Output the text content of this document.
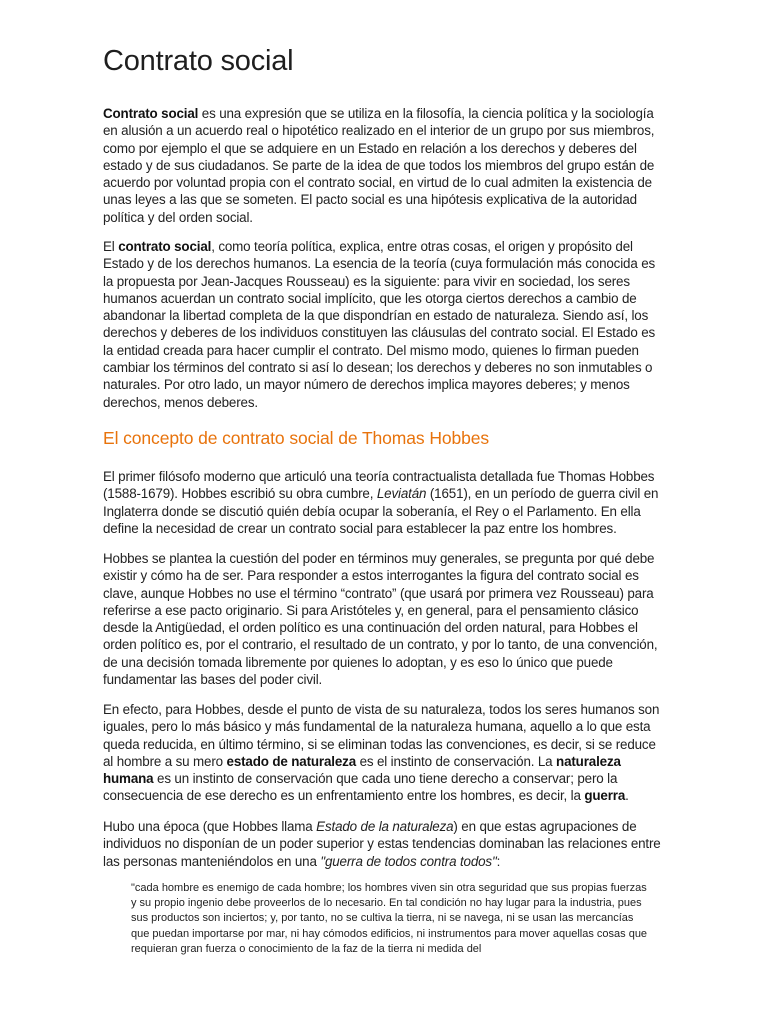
Contrato social

Contrato social es una expresión que se utiliza en la filosofía, la ciencia política y la sociología en alusión a un acuerdo real o hipotético realizado en el interior de un grupo por sus miembros, como por ejemplo el que se adquiere en un Estado en relación a los derechos y deberes del estado y de sus ciudadanos. Se parte de la idea de que todos los miembros del grupo están de acuerdo por voluntad propia con el contrato social, en virtud de lo cual admiten la existencia de unas leyes a las que se someten. El pacto social es una hipótesis explicativa de la autoridad política y del orden social.

El contrato social, como teoría política, explica, entre otras cosas, el origen y propósito del Estado y de los derechos humanos. La esencia de la teoría (cuya formulación más conocida es la propuesta por Jean-Jacques Rousseau) es la siguiente: para vivir en sociedad, los seres humanos acuerdan un contrato social implícito, que les otorga ciertos derechos a cambio de abandonar la libertad completa de la que dispondrían en estado de naturaleza. Siendo así, los derechos y deberes de los individuos constituyen las cláusulas del contrato social. El Estado es la entidad creada para hacer cumplir el contrato. Del mismo modo, quienes lo firman pueden cambiar los términos del contrato si así lo desean; los derechos y deberes no son inmutables o naturales. Por otro lado, un mayor número de derechos implica mayores deberes; y menos derechos, menos deberes.

El concepto de contrato social de Thomas Hobbes

El primer filósofo moderno que articuló una teoría contractualista detallada fue Thomas Hobbes (1588-1679). Hobbes escribió su obra cumbre, Leviatán (1651), en un período de guerra civil en Inglaterra donde se discutió quién debía ocupar la soberanía, el Rey o el Parlamento. En ella define la necesidad de crear un contrato social para establecer la paz entre los hombres.

Hobbes se plantea la cuestión del poder en términos muy generales, se pregunta por qué debe existir y cómo ha de ser. Para responder a estos interrogantes la figura del contrato social es clave, aunque Hobbes no use el término “contrato” (que usará por primera vez Rousseau) para referirse a ese pacto originario. Si para Aristóteles y, en general, para el pensamiento clásico desde la Antigüedad, el orden político es una continuación del orden natural, para Hobbes el orden político es, por el contrario, el resultado de un contrato, y por lo tanto, de una convención, de una decisión tomada libremente por quienes lo adoptan, y es eso lo único que puede fundamentar las bases del poder civil.

En efecto, para Hobbes, desde el punto de vista de su naturaleza, todos los seres humanos son iguales, pero lo más básico y más fundamental de la naturaleza humana, aquello a lo que esta queda reducida, en último término, si se eliminan todas las convenciones, es decir, si se reduce al hombre a su mero estado de naturaleza es el instinto de conservación. La naturaleza humana es un instinto de conservación que cada uno tiene derecho a conservar; pero la consecuencia de ese derecho es un enfrentamiento entre los hombres, es decir, la guerra.

Hubo una época (que Hobbes llama Estado de la naturaleza) en que estas agrupaciones de individuos no disponían de un poder superior y estas tendencias dominaban las relaciones entre las personas manteniéndolos en una "guerra de todos contra todos":

"cada hombre es enemigo de cada hombre; los hombres viven sin otra seguridad que sus propias fuerzas y su propio ingenio debe proveerlos de lo necesario. En tal condición no hay lugar para la industria, pues sus productos son inciertos; y, por tanto, no se cultiva la tierra, ni se navega, ni se usan las mercancías que puedan importarse por mar, ni hay cómodos edificios, ni instrumentos para mover aquellas cosas que requieran gran fuerza o conocimiento de la faz de la tierra ni medida del
